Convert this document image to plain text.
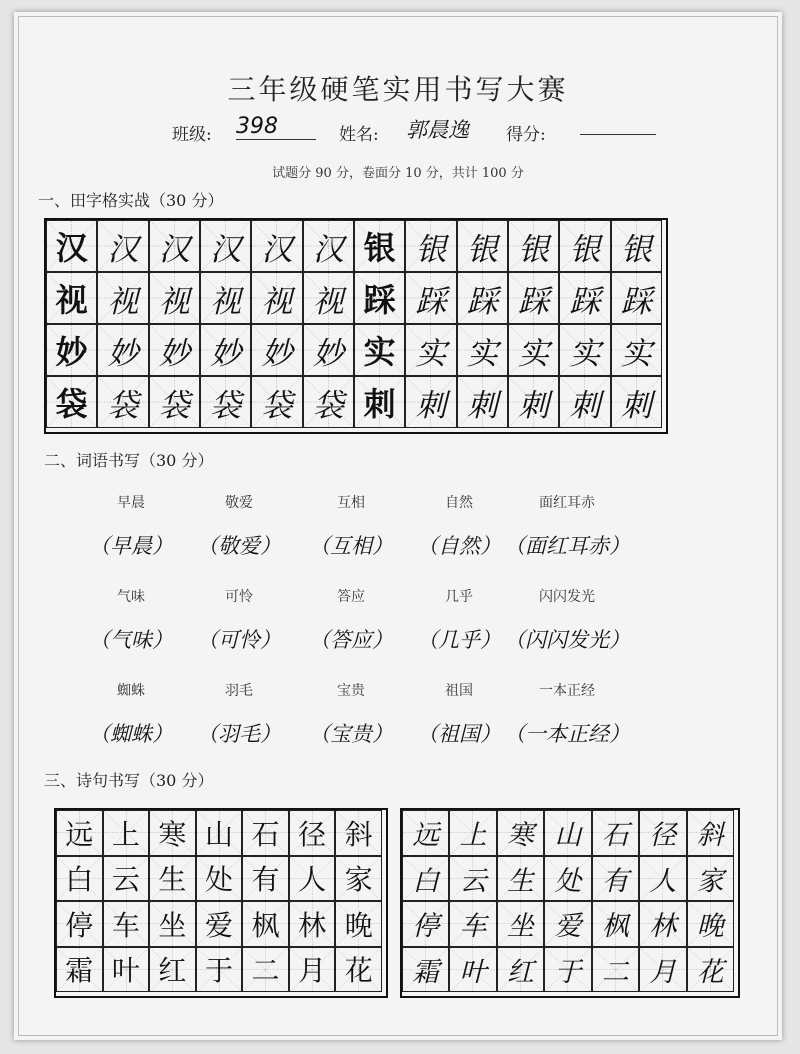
三年级硬笔实用书写大赛
班级: 398	姓名: 郭晨逸 得分:
试题分 90 分，卷面分 10 分，共计 100 分
一、田字格实战（30 分）
汉 汉 汉 汉 汉 汉 银 银 银 银 银 银
视 视 视 视 视 视 踩 踩 踩 踩 踩 踩
妙 妙 妙 妙 妙 妙 实 实 实 实 实 实
袋 袋 袋 袋 袋 袋 刺 刺 刺 刺 刺 刺
二、词语书写（30 分）
早晨
（早晨）
敬爱
（敬爱）
互相
（互相）
自然
（自然）
面红耳赤
（面红耳赤）
气味
（气味）
可怜
（可怜）
答应
（答应）
几乎
（几乎）
闪闪发光
（闪闪发光）
蜘蛛
（蜘蛛）
羽毛
（羽毛）
宝贵
（宝贵）
祖国
（祖国）
一本正经
（一本正经）
三、诗句书写（30 分）
远 上 寒 山 石 径 斜
白 云 生 处 有 人 家
停 车 坐 爱 枫 林 晚
霜 叶 红 于 二 月 花
远 上 寒 山 石 径 斜
白 云 生 处 有 人 家
停 车 坐 爱 枫 林 晚
霜 叶 红 于 二 月 花
